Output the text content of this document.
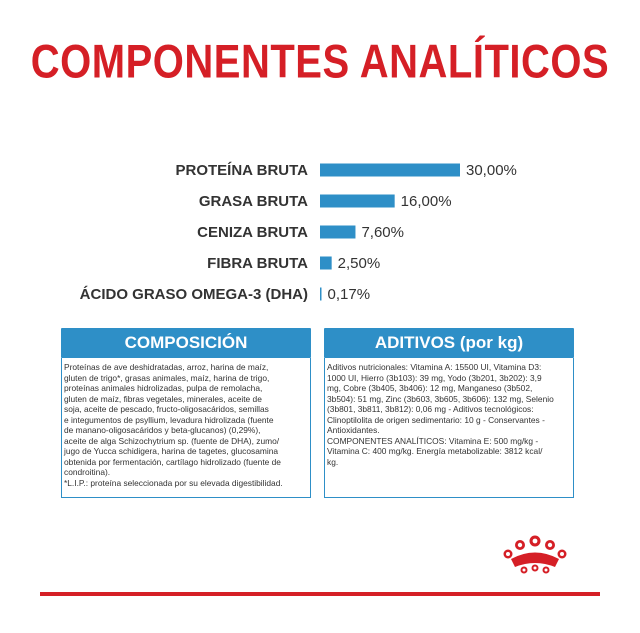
COMPONENTES ANALÍTICOS
PROTEÍNA BRUTA	30,00%
GRASA BRUTA	16,00%
CENIZA BRUTA	7,60%
FIBRA BRUTA 2,50%
ÁCIDO GRASO OMEGA-3 (DHA) 0,17%
COMPOSICIÓN
Proteínas de ave deshidratadas, arroz, harina de maíz,
gluten de trigo*, grasas animales, maíz, harina de trigo,
proteínas animales hidrolizadas, pulpa de remolacha,
gluten de maíz, fibras vegetales, minerales, aceite de
soja, aceite de pescado, fructo-oligosacáridos, semillas
e integumentos de psyllium, levadura hidrolizada (fuente
de manano-oligosacáridos y beta-glucanos) (0,29%),
aceite de alga Schizochytrium sp. (fuente de DHA), zumo/
jugo de Yucca schidigera, harina de tagetes, glucosamina
obtenida por fermentación, cartílago hidrolizado (fuente de
condroitina).
*L.I.P.: proteína seleccionada por su elevada digestibilidad.
ADITIVOS (por kg)
Aditivos nutricionales: Vitamina A: 15500 UI, Vitamina D3:
1000 UI, Hierro (3b103): 39 mg, Yodo (3b201, 3b202): 3,9
mg, Cobre (3b405, 3b406): 12 mg, Manganeso (3b502,
3b504): 51 mg, Zinc (3b603, 3b605, 3b606): 132 mg, Selenio
(3b801, 3b811, 3b812): 0,06 mg - Aditivos tecnológicos:
Clinoptilolita de origen sedimentario: 10 g - Conservantes -
Antioxidantes.
COMPONENTES ANALÍTICOS: Vitamina E: 500 mg/kg -
Vitamina C: 400 mg/kg. Energía metabolizable: 3812 kcal/
kg.
